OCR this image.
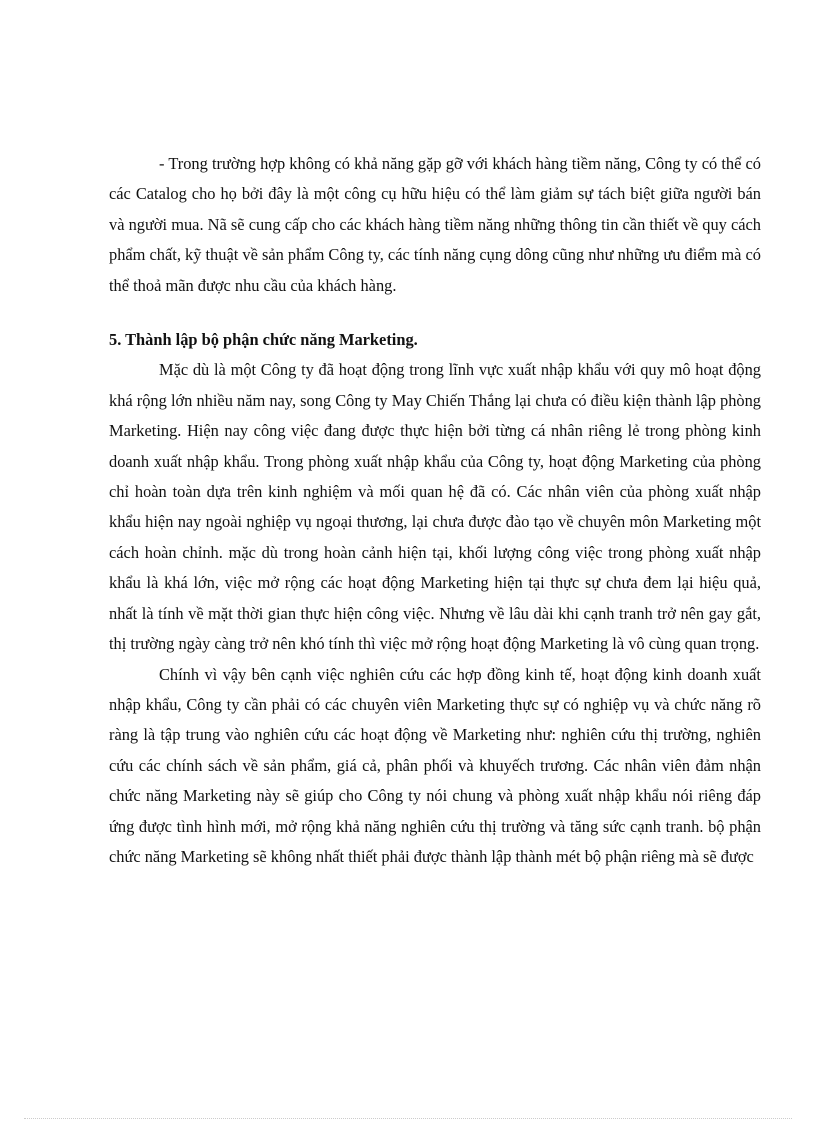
- Trong trường hợp không có khả năng gặp gỡ với khách hàng tiềm năng, Công ty có thể có các Catalog cho họ bởi đây là một công cụ hữu hiệu có thể làm giảm sự tách biệt giữa người bán và người mua. Nã sẽ cung cấp cho các khách hàng tiềm năng những thông tin cần thiết về quy cách phẩm chất, kỹ thuật về sản phẩm Công ty, các tính năng cụng dông cũng như những ưu điểm mà có thể thoả mãn được nhu cầu của khách hàng.

5. Thành lập bộ phận chức năng Marketing.

Mặc dù là một Công ty đã hoạt động trong lĩnh vực xuất nhập khẩu với quy mô hoạt động khá rộng lớn nhiều năm nay, song Công ty May Chiến Thắng lại chưa có điều kiện thành lập phòng Marketing. Hiện nay công việc đang được thực hiện bởi từng cá nhân riêng lẻ trong phòng kinh doanh xuất nhập khẩu. Trong phòng xuất nhập khẩu của Công ty, hoạt động Marketing của phòng chỉ hoàn toàn dựa trên kinh nghiệm và mối quan hệ đã có. Các nhân viên của phòng xuất nhập khẩu hiện nay ngoài nghiệp vụ ngoại thương, lại chưa được đào tạo về chuyên môn Marketing một cách hoàn chỉnh. mặc dù trong hoàn cảnh hiện tại, khối lượng công việc trong phòng xuất nhập khẩu là khá lớn, việc mở rộng các hoạt động Marketing hiện tại thực sự chưa đem lại hiệu quả, nhất là tính về mặt thời gian thực hiện công việc. Nhưng về lâu dài khi cạnh tranh trở nên gay gắt, thị trường ngày càng trở nên khó tính thì việc mở rộng hoạt động Marketing là vô cùng quan trọng.

Chính vì vậy bên cạnh việc nghiên cứu các hợp đồng kinh tế, hoạt động kinh doanh xuất nhập khẩu, Công ty cần phải có các chuyên viên Marketing thực sự có nghiệp vụ và chức năng rõ ràng là tập trung vào nghiên cứu các hoạt động về Marketing như: nghiên cứu thị trường, nghiên cứu các chính sách về sản phẩm, giá cả, phân phối và khuyếch trương. Các nhân viên đảm nhận chức năng Marketing này sẽ giúp cho Công ty nói chung và phòng xuất nhập khẩu nói riêng đáp ứng được tình hình mới, mở rộng khả năng nghiên cứu thị trường và tăng sức cạnh tranh. bộ phận chức năng Marketing sẽ không nhất thiết phải được thành lập thành mét bộ phận riêng mà sẽ được
